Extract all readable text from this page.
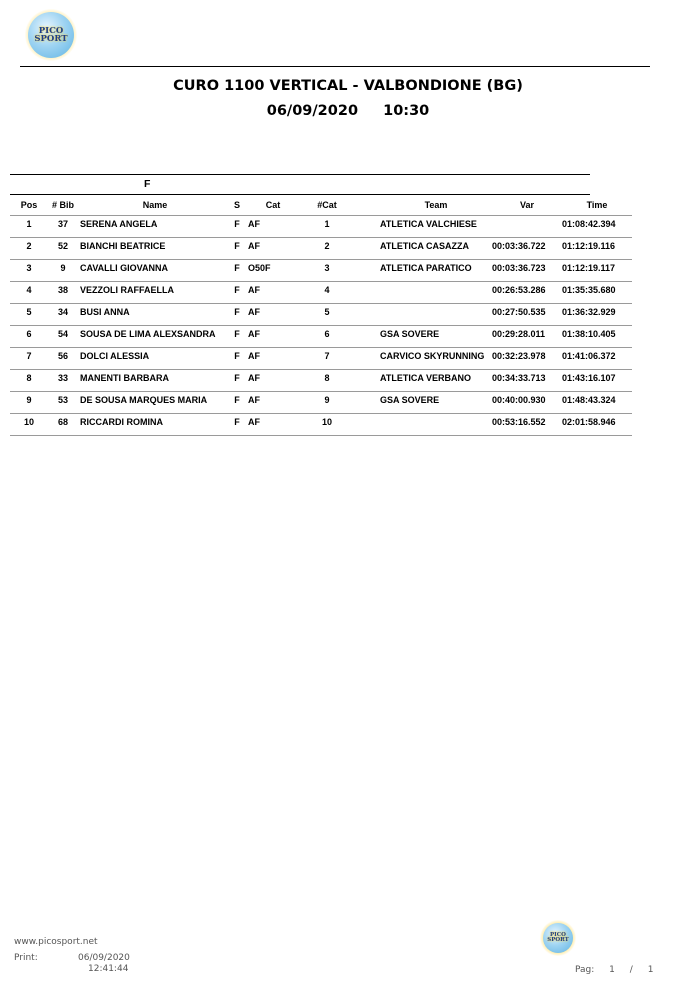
PICO
SPORT
CURO 1100 VERTICAL - VALBONDIONE (BG)
06/09/2020 10:30
F
Pos	# Bib	Name	S	Cat	#Cat	Team	Var	Time
1	37	SERENA ANGELA	F	AF	1	ATLETICA VALCHIESE		01:08:42.394
2	52	BIANCHI BEATRICE	F	AF	2	ATLETICA CASAZZA	00:03:36.722	01:12:19.116
3	9	CAVALLI GIOVANNA	F	O50F	3	ATLETICA PARATICO	00:03:36.723	01:12:19.117
4	38	VEZZOLI RAFFAELLA	F	AF	4		00:26:53.286	01:35:35.680
5	34	BUSI ANNA	F	AF	5		00:27:50.535	01:36:32.929
6	54	SOUSA DE LIMA ALEXSANDRA	F	AF	6	GSA SOVERE	00:29:28.011	01:38:10.405
7	56	DOLCI ALESSIA	F	AF	7	CARVICO SKYRUNNING	00:32:23.978	01:41:06.372
8	33	MANENTI BARBARA	F	AF	8	ATLETICA VERBANO	00:34:33.713	01:43:16.107
9	53	DE SOUSA MARQUES MARIA	F	AF	9	GSA SOVERE	00:40:00.930	01:48:43.324
10	68	RICCARDI ROMINA	F	AF	10		00:53:16.552	02:01:58.946
www.picosport.net
Print:	06/09/2020
12:41:44
PICO
SPORT
Pag: 1 / 1
